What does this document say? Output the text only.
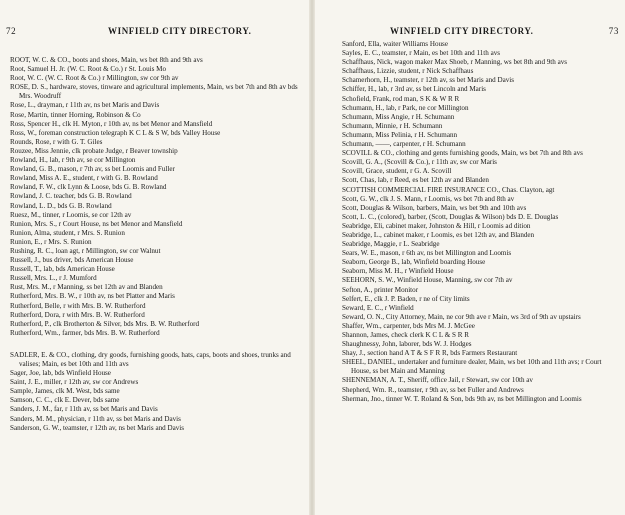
72	WINFIELD CITY DIRECTORY.

ROOT, W. C. & CO., boots and shoes, Main, ws bet 8th and 9th avs

Root, Samuel H. Jr. (W. C. Root & Co.) r St. Louis Mo

Root, W. C. (W. C. Root & Co.) r Millington, sw cor 9th av

ROSE, D. S., hardware, stoves, tinware and agricultural implements, Main, ws bet 7th and 8th av bds Mrs. Woodruff

Rose, L., drayman, r 11th av, ns bet Maris and Davis

Rose, Martin, tinner Horning, Robinson & Co

Ross, Spencer H., clk H. Myton, r 10th av, ns bet Menor and Mansfield

Ross, W., foreman construction telegraph K C L & S W, bds Valley House

Rounds, Rose, r with G. T. Giles

Rouzee, Miss Jennie, clk probate Judge, r Beaver township

Rowland, H., lab, r 9th av, se cor Millington

Rowland, G. B., mason, r 7th av, ss bet Loomis and Fuller

Rowland, Miss A. E., student, r with G. B. Rowland

Rowland, F. W., clk Lynn & Loose, bds G. B. Rowland

Rowland, J. C. teacher, bds G. B. Rowland

Rowland, L. D., bds G. B. Rowland

Ruesz, M., tinner, r Loomis, se cor 12th av

Runion, Mrs. S., r Court House, ns bet Menor and Mansfield

Runion, Alma, student, r Mrs. S. Runion

Runion, E., r Mrs. S. Runion

Rushing, R. C., loan agt, r Millington, sw cor Walnut

Russell, J., bus driver, bds American House

Russell, T., lab, bds American House

Russell, Mrs. L., r J. Mumford

Rust, Mrs. M., r Manning, ss bet 12th av and Blanden

Rutherford, Mrs. B. W., r 10th av, ns bet Platter and Maris

Rutherford, Belle, r with Mrs. B. W. Rutherford

Rutherford, Dora, r with Mrs. B. W. Rutherford

Rutherford, P., clk Brotherton & Silver, bds Mrs. B. W. Rutherford

Rutherford, Wm., farmer, bds Mrs. B. W. Rutherford

SADLER, E. & CO., clothing, dry goods, furnishing goods, hats, caps, boots and shoes, trunks and valises; Main, es bet 10th and 11th avs

Sager, Joe, lab, bds Winfield House

Saint, J. E., miller, r 12th av, sw cor Andrews

Sample, James, clk M. West, bds same

Samson, C. C., clk E. Dever, bds same

Sanders, J. M., far, r 11th av, ss bet Maris and Davis

Sanders, M. M., physician, r 11th av, ss bet Maris and Davis

Sanderson, G. W., teamster, r 12th av, ns bet Maris and Davis

WINFIELD CITY DIRECTORY.	73

Sanford, Ella, waiter Williams House

Sayles, E. C., teamster, r Main, es bet 10th and 11th avs

Schaffhaus, Nick, wagon maker Max Shoeb, r Manning, ws bet 8th and 9th avs

Schaffhaus, Lizzie, student, r Nick Schaffhaus

Schamerhorn, H., teamster, r 12th av, ss bet Maris and Davis

Schiffer, H., lab, r 3rd av, ss bet Lincoln and Maris

Schofield, Frank, rod man, S K & W R R

Schumann, H., lab, r Park, ne cor Millington

Schumann, Miss Angie, r H. Schumann

Schumann, Minnie, r H. Schumann

Schumann, Miss Pelinia, r H. Schumann

Schumann, ——, carpenter, r H. Schumann

SCOVILL & CO., clothing and gents furnishing goods, Main, ws bet 7th and 8th avs

Scovill, G. A., (Scovill & Co.), r 11th av, sw cor Maris

Scovill, Grace, student, r G. A. Scovill

Scott, Chas, lab, r Reed, es bet 12th av and Blanden

SCOTTISH COMMERCIAL FIRE INSURANCE CO., Chas. Clayton, agt

Scott, G. W., clk J. S. Mann, r Loomis, ws bet 7th and 8th av

Scott, Douglas & Wilson, barbers, Main, ws bet 9th and 10th avs

Scott, L. C., (colored), barber, (Scott, Douglas & Wilson) bds D. E. Douglas

Seabridge, Eli, cabinet maker, Johnston & Hill, r Loomis ad dition

Seabridge, L., cabinet maker, r Loomis, es bet 12th av, and Blanden

Seabridge, Maggie, r L. Seabridge

Sears, W. E., mason, r 6th av, ns bet Millington and Loomis

Seaborn, George B., lab, Winfield boarding House

Seaborn, Miss M. H., r Winfield House

SEEHORN, S. W., Winfield House, Manning, sw cor 7th av

Sefton, A., printer Monitor

Selfert, E., clk J. P. Baden, r ne of City limits

Seward, E. C., r Winfield

Seward, O. N., City Attorney, Main, ne cor 9th ave r Main, ws 3rd of 9th av upstairs

Shaffer, Wm., carpenter, bds Mrs M. J. McGee

Shannon, James, check clerk K C L & S R R

Shaughnessy, John, laborer, bds W. J. Hodges

Shay, J., section hand A T & S F R R, bds Farmers Restaurant

SHEEL, DANIEL, undertaker and furniture dealer, Main, ws bet 10th and 11th avs; r Court House, ss bet Main and Manning

SHENNEMAN, A. T., Sheriff, office Jail, r Stewart, sw cor 10th av

Shepherd, Wm. R., teamster, r 9th av, ss bet Fuller and Andrews

Sherman, Jno., tinner W. T. Roland & Son, bds 9th av, ns bet Millington and Loomis
